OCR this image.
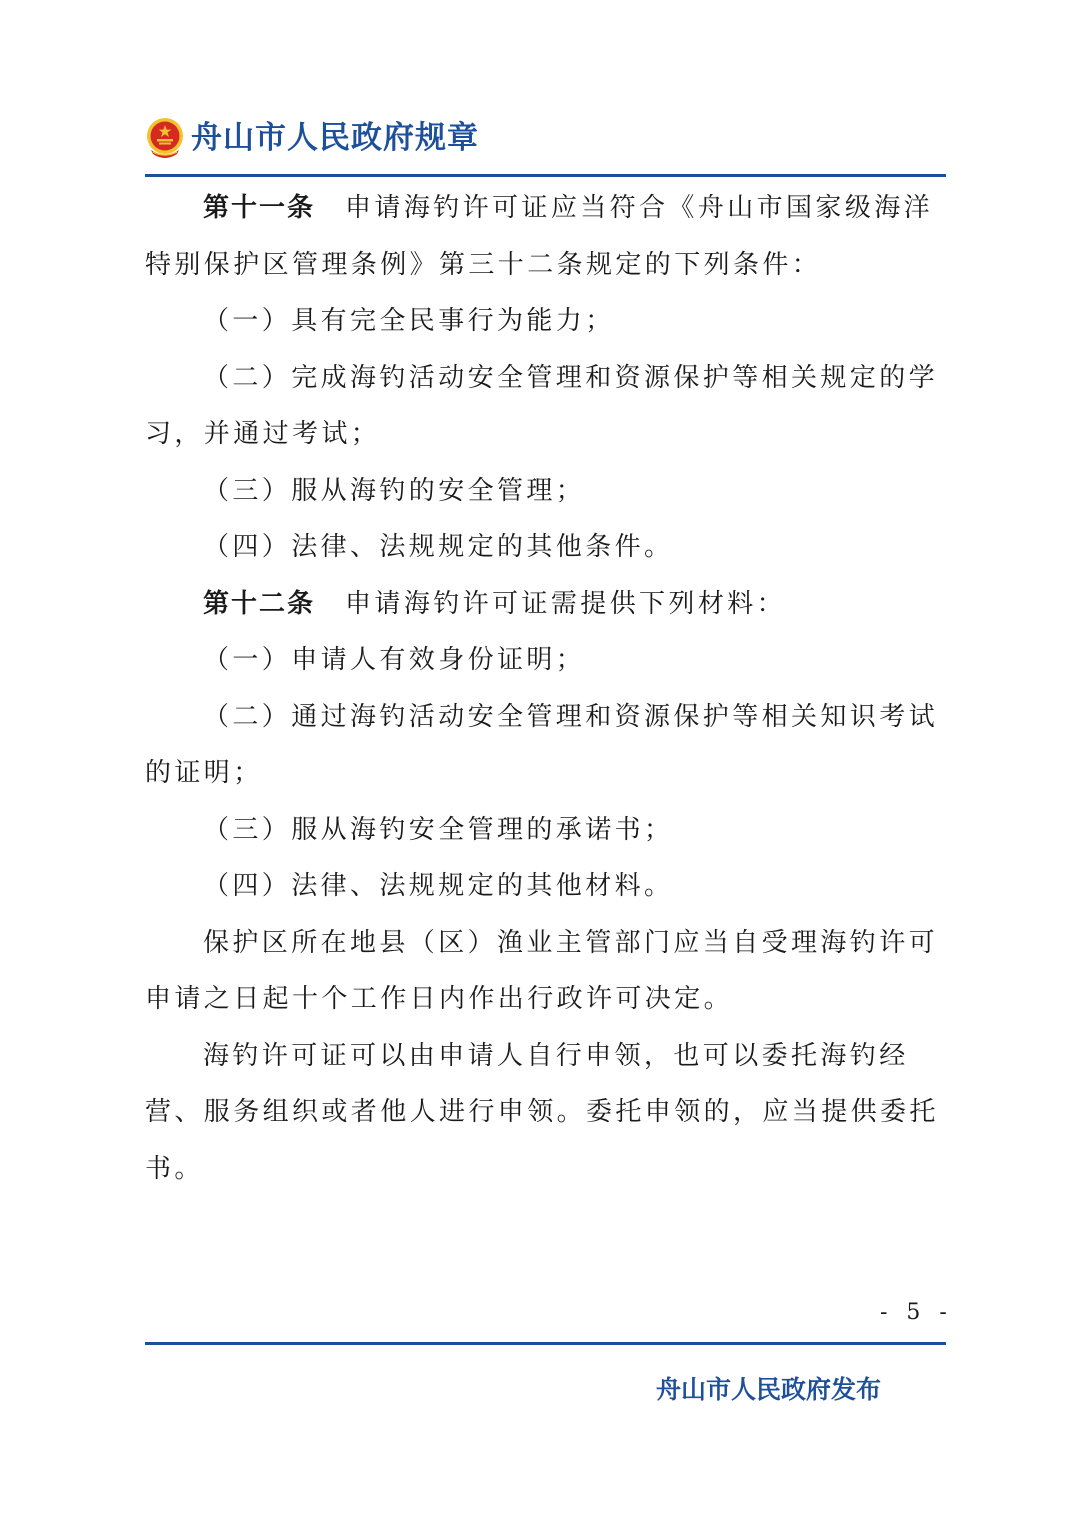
舟山市人民政府规章

第十一条 申请海钓许可证应当符合《舟山市国家级海洋特别保护区管理条例》第三十二条规定的下列条件：

（一）具有完全民事行为能力；

（二）完成海钓活动安全管理和资源保护等相关规定的学习，并通过考试；

（三）服从海钓的安全管理；

（四）法律、法规规定的其他条件。

第十二条 申请海钓许可证需提供下列材料：

（一）申请人有效身份证明；

（二）通过海钓活动安全管理和资源保护等相关知识考试的证明；

（三）服从海钓安全管理的承诺书；

（四）法律、法规规定的其他材料。

保护区所在地县（区）渔业主管部门应当自受理海钓许可申请之日起十个工作日内作出行政许可决定。

海钓许可证可以由申请人自行申领，也可以委托海钓经营、服务组织或者他人进行申领。委托申领的，应当提供委托书。

- 5 -
舟山市人民政府发布
